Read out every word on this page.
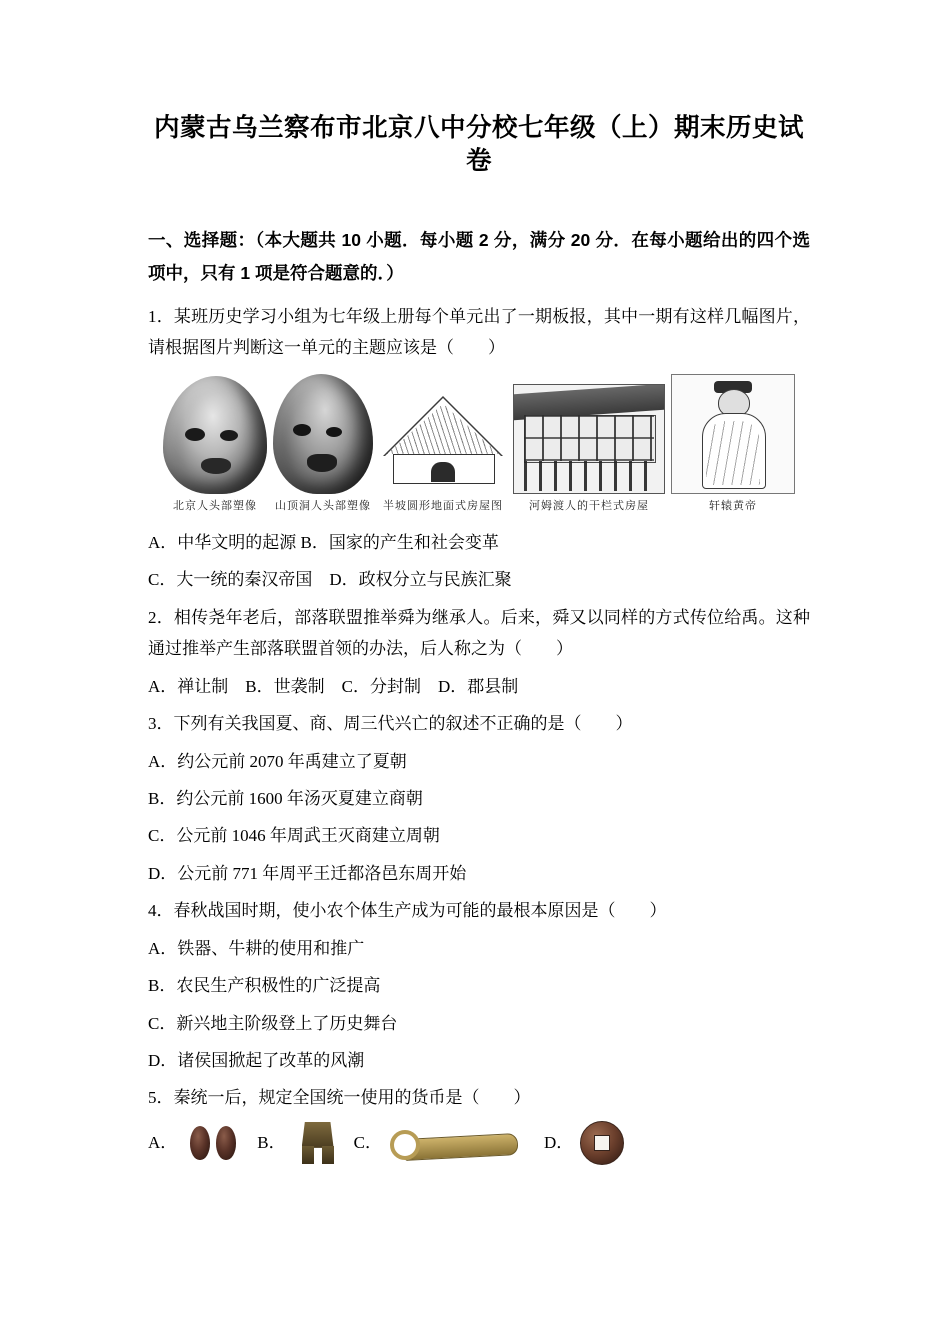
内蒙古乌兰察布市北京八中分校七年级（上）期末历史试卷

一、选择题：（本大题共 10 小题．每小题 2 分，满分 20 分．在每小题给出的四个选项中，只有 1 项是符合题意的．）

1．某班历史学习小组为七年级上册每个单元出了一期板报，其中一期有这样几幅图片，请根据图片判断这一单元的主题应该是（　　）

北京人头部塑像 山顶洞人头部塑像 半坡圆形地面式房屋图 河姆渡人的干栏式房屋	轩辕黄帝

A．中华文明的起源 B．国家的产生和社会变革

C．大一统的秦汉帝国　D．政权分立与民族汇聚

2．相传尧年老后，部落联盟推举舜为继承人。后来，舜又以同样的方式传位给禹。这种通过推举产生部落联盟首领的办法，后人称之为（　　）

A．禅让制　B．世袭制　C．分封制　D．郡县制

3．下列有关我国夏、商、周三代兴亡的叙述不正确的是（　　）

A．约公元前 2070 年禹建立了夏朝

B．约公元前 1600 年汤灭夏建立商朝

C．公元前 1046 年周武王灭商建立周朝

D．公元前 771 年周平王迁都洛邑东周开始

4．春秋战国时期，使小农个体生产成为可能的最根本原因是（　　）

A．铁器、牛耕的使用和推广

B．农民生产积极性的广泛提高

C．新兴地主阶级登上了历史舞台

D．诸侯国掀起了改革的风潮

5．秦统一后，规定全国统一使用的货币是（　　）

A．	B．	C．	D．
